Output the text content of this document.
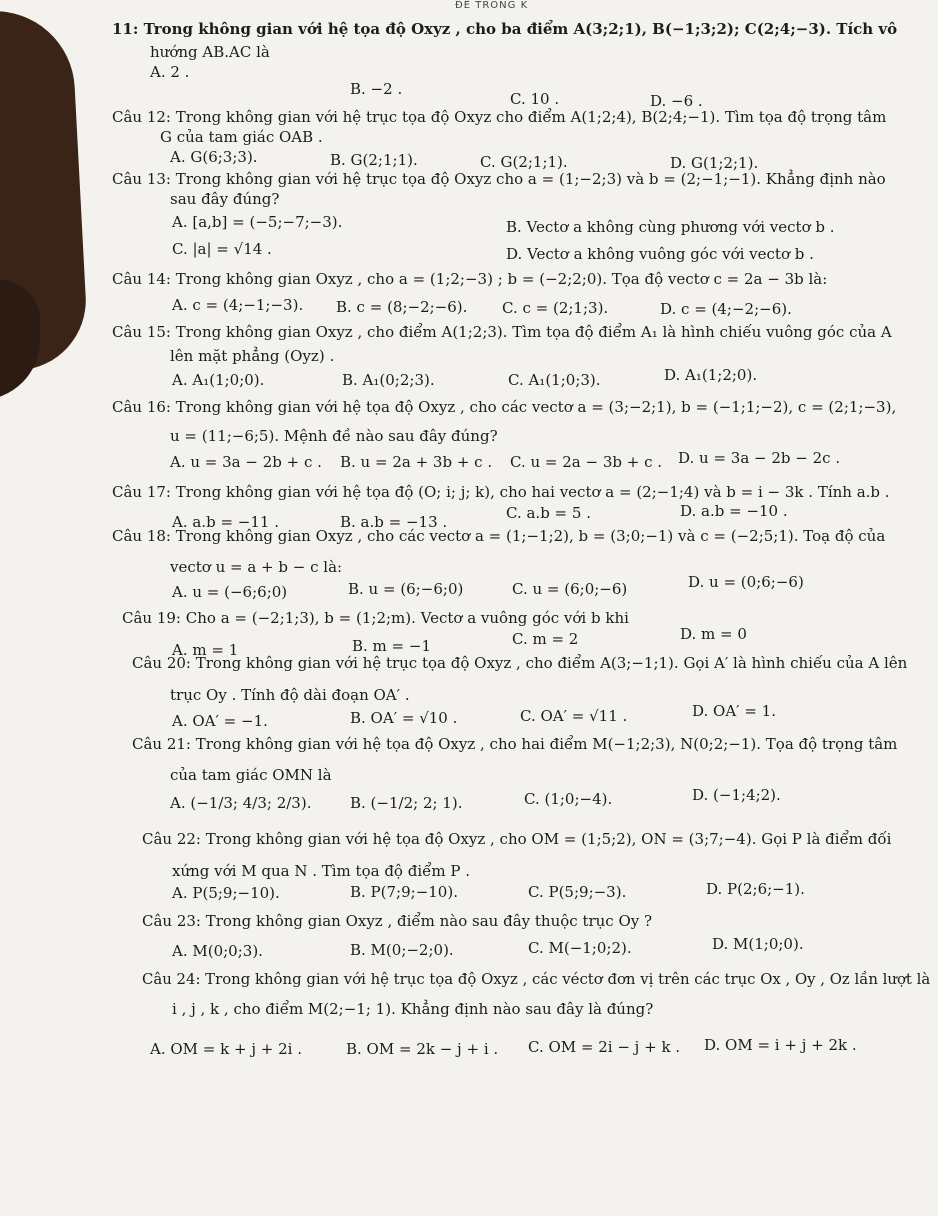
ĐỀ TRONG K
11: Trong không gian với hệ tọa độ Oxyz , cho ba điểm A(3;2;1), B(−1;3;2); C(2;4;−3). Tích vô
hướng AB.AC là
A. 2 .
B. −2 .
C. 10 .	D. −6 .
Câu 12: Trong không gian với hệ trục tọa độ Oxyz cho điểm A(1;2;4), B(2;4;−1). Tìm tọa độ trọng tâm
G của tam giác OAB .
A. G(6;3;3).	B. G(2;1;1).	C. G(2;1;1).	D. G(1;2;1).
Câu 13: Trong không gian với hệ trục tọa độ Oxyz cho a = (1;−2;3) và b = (2;−1;−1). Khẳng định nào
sau đây đúng?
A. [a,b] = (−5;−7;−3).	B. Vectơ a không cùng phương với vectơ b .
C. |a| = √14 .	D. Vectơ a không vuông góc với vectơ b .
Câu 14: Trong không gian Oxyz , cho a = (1;2;−3) ; b = (−2;2;0). Tọa độ vectơ c = 2a − 3b là:
A. c = (4;−1;−3). B. c = (8;−2;−6). C. c = (2;1;3).	D. c = (4;−2;−6).
Câu 15: Trong không gian Oxyz , cho điểm A(1;2;3). Tìm tọa độ điểm A₁ là hình chiếu vuông góc của A
lên mặt phẳng (Oyz) .
A. A₁(1;0;0).	B. A₁(0;2;3).	C. A₁(1;0;3).	D. A₁(1;2;0).
Câu 16: Trong không gian với hệ tọa độ Oxyz , cho các vectơ a = (3;−2;1), b = (−1;1;−2), c = (2;1;−3),
u = (11;−6;5). Mệnh đề nào sau đây đúng?
A. u = 3a − 2b + c . B. u = 2a + 3b + c . C. u = 2a − 3b + c . D. u = 3a − 2b − 2c .
Câu 17: Trong không gian với hệ tọa độ (O; i; j; k), cho hai vectơ a = (2;−1;4) và b = i − 3k . Tính a.b .
A. a.b = −11 .	B. a.b = −13 .	C. a.b = 5 .	D. a.b = −10 .
Câu 18: Trong không gian Oxyz , cho các vectơ a = (1;−1;2), b = (3;0;−1) và c = (−2;5;1). Toạ độ của
vectơ u = a + b − c là:
A. u = (−6;6;0)	B. u = (6;−6;0)	C. u = (6;0;−6)	D. u = (0;6;−6)
Câu 19: Cho a = (−2;1;3), b = (1;2;m). Vectơ a vuông góc với b khi
A. m = 1	B. m = −1	C. m = 2	D. m = 0
Câu 20: Trong không gian với hệ trục tọa độ Oxyz , cho điểm A(3;−1;1). Gọi A′ là hình chiếu của A lên
trục Oy . Tính độ dài đoạn OA′ .
A. OA′ = −1.	B. OA′ = √10 .	C. OA′ = √11 .	D. OA′ = 1.
Câu 21: Trong không gian với hệ tọa độ Oxyz , cho hai điểm M(−1;2;3), N(0;2;−1). Tọa độ trọng tâm
của tam giác OMN là
A. (−1/3; 4/3; 2/3).	B. (−1/2; 2; 1).	C. (1;0;−4).	D. (−1;4;2).
Câu 22: Trong không gian với hệ tọa độ Oxyz , cho OM = (1;5;2), ON = (3;7;−4). Gọi P là điểm đối
xứng với M qua N . Tìm tọa độ điểm P .
A. P(5;9;−10).	B. P(7;9;−10).	C. P(5;9;−3).	D. P(2;6;−1).
Câu 23: Trong không gian Oxyz , điểm nào sau đây thuộc trục Oy ?
A. M(0;0;3).	B. M(0;−2;0).	C. M(−1;0;2).	D. M(1;0;0).
Câu 24: Trong không gian với hệ trục tọa độ Oxyz , các véctơ đơn vị trên các trục Ox , Oy , Oz lần lượt là
i , j , k , cho điểm M(2;−1; 1). Khẳng định nào sau đây là đúng?
A. OM = k + j + 2i .	B. OM = 2k − j + i . C. OM = 2i − j + k . D. OM = i + j + 2k .
